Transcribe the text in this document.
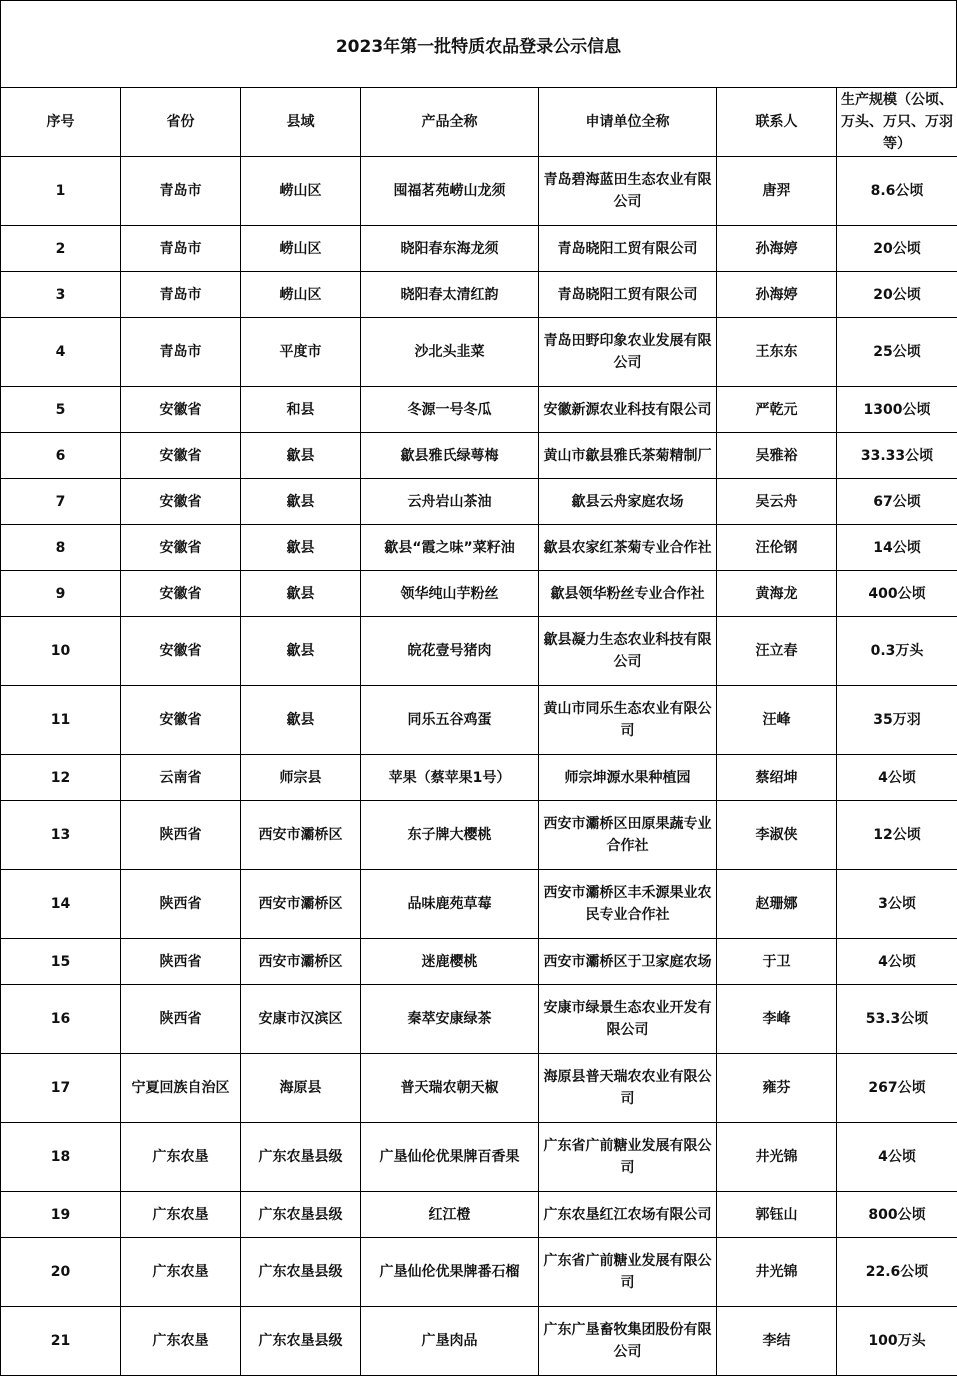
2023年第一批特质农品登录公示信息
序号	省份	县域	产品全称	申请单位全称	联系人	生产规模（公顷、万头、万只、万羽等）
1	青岛市	崂山区	囤福茗苑崂山龙须	青岛碧海蓝田生态农业有限公司	唐羿	8.6公顷
2	青岛市	崂山区	晓阳春东海龙须	青岛晓阳工贸有限公司	孙海婷	20公顷
3	青岛市	崂山区	晓阳春太清红韵	青岛晓阳工贸有限公司	孙海婷	20公顷
4	青岛市	平度市	沙北头韭菜	青岛田野印象农业发展有限公司	王东东	25公顷
5	安徽省	和县	冬源一号冬瓜	安徽新源农业科技有限公司	严乾元	1300公顷
6	安徽省	歙县	歙县雅氏绿萼梅	黄山市歙县雅氏茶菊精制厂	吴雅裕	33.33公顷
7	安徽省	歙县	云舟岩山茶油	歙县云舟家庭农场	吴云舟	67公顷
8	安徽省	歙县	歙县“霞之味”菜籽油	歙县农家红茶菊专业合作社	汪伦钢	14公顷
9	安徽省	歙县	领华纯山芋粉丝	歙县领华粉丝专业合作社	黄海龙	400公顷
10	安徽省	歙县	皖花壹号猪肉	歙县凝力生态农业科技有限公司	汪立春	0.3万头
11	安徽省	歙县	同乐五谷鸡蛋	黄山市同乐生态农业有限公司	汪峰	35万羽
12	云南省	师宗县	苹果（蔡苹果1号）	师宗坤源水果种植园	蔡绍坤	4公顷
13	陕西省	西安市灞桥区	东子牌大樱桃	西安市灞桥区田原果蔬专业合作社	李淑侠	12公顷
14	陕西省	西安市灞桥区	品味鹿苑草莓	西安市灞桥区丰禾源果业农民专业合作社	赵珊娜	3公顷
15	陕西省	西安市灞桥区	迷鹿樱桃	西安市灞桥区于卫家庭农场	于卫	4公顷
16	陕西省	安康市汉滨区	秦萃安康绿茶	安康市绿景生态农业开发有限公司	李峰	53.3公顷
17	宁夏回族自治区	海原县	普天瑞农朝天椒	海原县普天瑞农农业有限公司	雍芬	267公顷
18	广东农垦	广东农垦县级	广垦仙伦优果牌百香果	广东省广前糖业发展有限公司	井光锦	4公顷
19	广东农垦	广东农垦县级	红江橙	广东农垦红江农场有限公司	郭钰山	800公顷
20	广东农垦	广东农垦县级	广垦仙伦优果牌番石榴	广东省广前糖业发展有限公司	井光锦	22.6公顷
21	广东农垦	广东农垦县级	广垦肉品	广东广垦畜牧集团股份有限公司	李结	100万头
